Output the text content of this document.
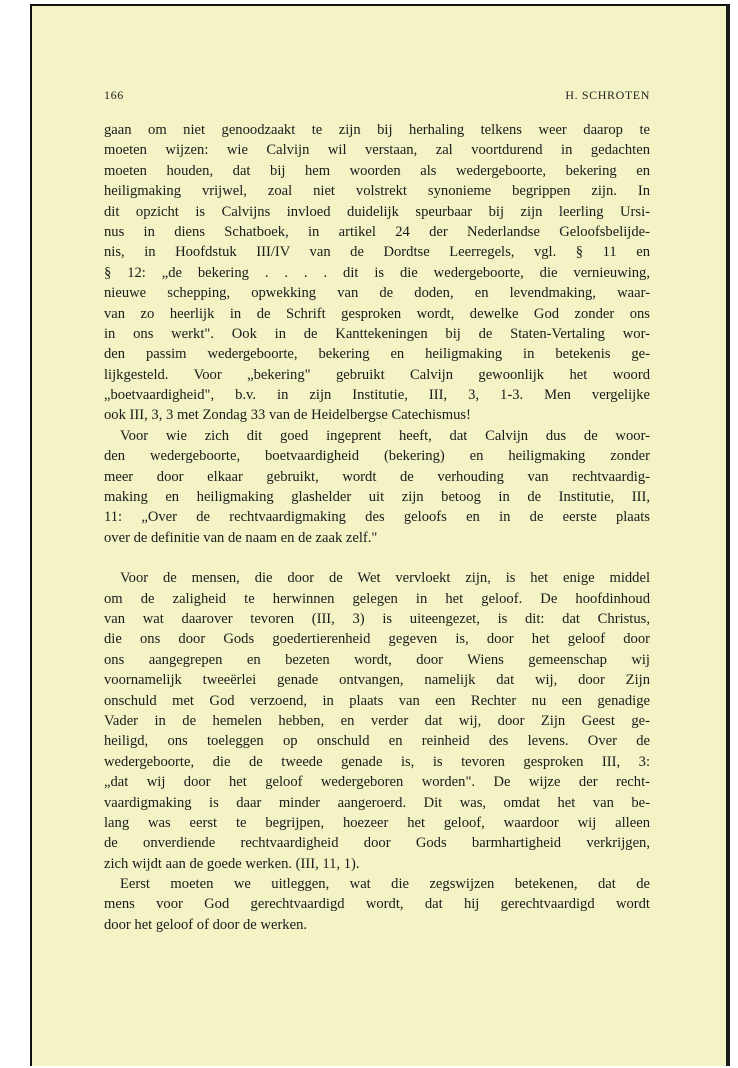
166	H. SCHROTEN
gaan om niet genoodzaakt te zijn bij herhaling telkens weer daarop te
moeten wijzen: wie Calvijn wil verstaan, zal voortdurend in gedachten
moeten houden, dat bij hem woorden als wedergeboorte, bekering en
heiligmaking vrijwel, zoal niet volstrekt synonieme begrippen zijn. In
dit opzicht is Calvijns invloed duidelijk speurbaar bij zijn leerling Ursi-
nus in diens Schatboek, in artikel 24 der Nederlandse Geloofsbelijde-
nis, in Hoofdstuk III/IV van de Dordtse Leerregels, vgl. § 11 en
§ 12: „de bekering . . . . dit is die wedergeboorte, die vernieuwing,
nieuwe schepping, opwekking van de doden, en levendmaking, waar-
van zo heerlijk in de Schrift gesproken wordt, dewelke God zonder ons
in ons werkt". Ook in de Kanttekeningen bij de Staten-Vertaling wor-
den passim wedergeboorte, bekering en heiligmaking in betekenis ge-
lijkgesteld. Voor „bekering" gebruikt Calvijn gewoonlijk het woord
„boetvaardigheid", b.v. in zijn Institutie, III, 3, 1-3. Men vergelijke
ook III, 3, 3 met Zondag 33 van de Heidelbergse Catechismus!
Voor wie zich dit goed ingeprent heeft, dat Calvijn dus de woor-
den wedergeboorte, boetvaardigheid (bekering) en heiligmaking zonder
meer door elkaar gebruikt, wordt de verhouding van rechtvaardig-
making en heiligmaking glashelder uit zijn betoog in de Institutie, III,
11: „Over de rechtvaardigmaking des geloofs en in de eerste plaats
over de definitie van de naam en de zaak zelf."
Voor de mensen, die door de Wet vervloekt zijn, is het enige middel
om de zaligheid te herwinnen gelegen in het geloof. De hoofdinhoud
van wat daarover tevoren (III, 3) is uiteengezet, is dit: dat Christus,
die ons door Gods goedertierenheid gegeven is, door het geloof door
ons aangegrepen en bezeten wordt, door Wiens gemeenschap wij
voornamelijk tweeërlei genade ontvangen, namelijk dat wij, door Zijn
onschuld met God verzoend, in plaats van een Rechter nu een genadige
Vader in de hemelen hebben, en verder dat wij, door Zijn Geest ge-
heiligd, ons toeleggen op onschuld en reinheid des levens. Over de
wedergeboorte, die de tweede genade is, is tevoren gesproken III, 3:
„dat wij door het geloof wedergeboren worden". De wijze der recht-
vaardigmaking is daar minder aangeroerd. Dit was, omdat het van be-
lang was eerst te begrijpen, hoezeer het geloof, waardoor wij alleen
de onverdiende rechtvaardigheid door Gods barmhartigheid verkrijgen,
zich wijdt aan de goede werken. (III, 11, 1).
Eerst moeten we uitleggen, wat die zegswijzen betekenen, dat de
mens voor God gerechtvaardigd wordt, dat hij gerechtvaardigd wordt
door het geloof of door de werken.
